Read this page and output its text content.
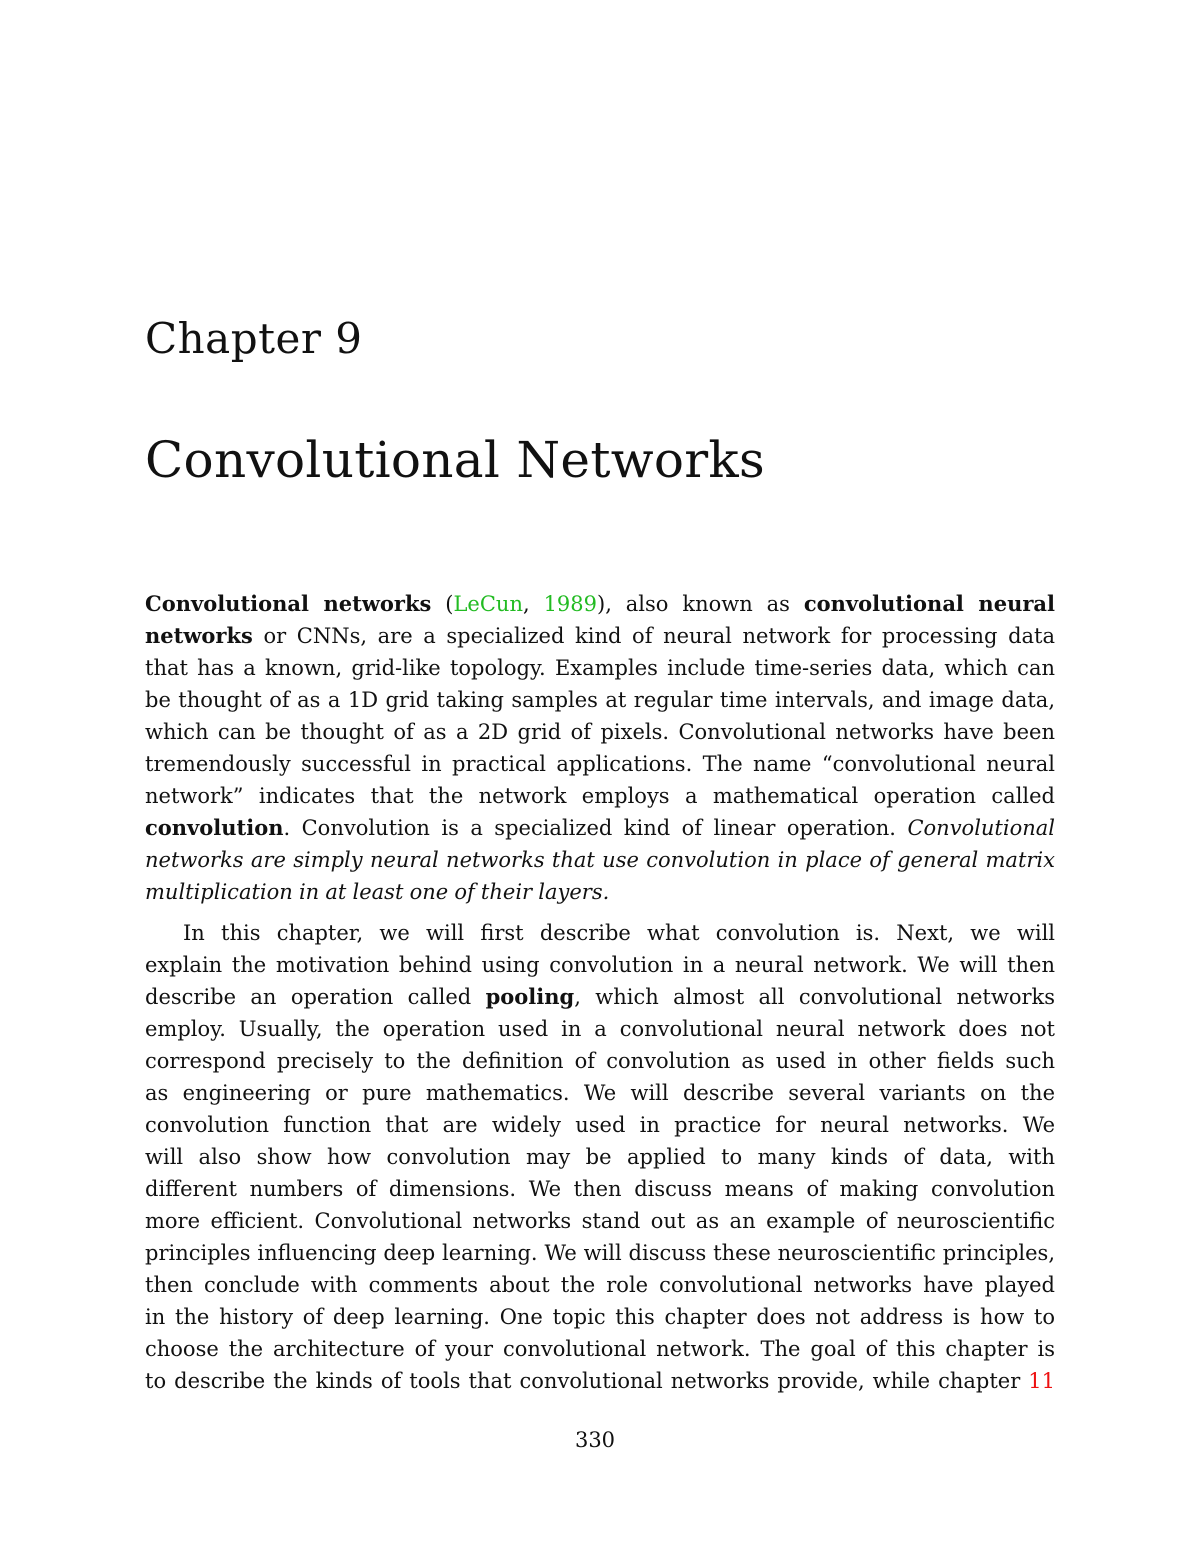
Chapter 9
Convolutional Networks
Convolutional networks (LeCun, 1989), also known as convolutional neural
networks or CNNs, are a specialized kind of neural network for processing data
that has a known, grid-like topology. Examples include time-series data, which can
be thought of as a 1D grid taking samples at regular time intervals, and image data,
which can be thought of as a 2D grid of pixels. Convolutional networks have been
tremendously successful in practical applications. The name “convolutional neural
network” indicates that the network employs a mathematical operation called
convolution. Convolution is a specialized kind of linear operation. Convolutional
networks are simply neural networks that use convolution in place of general matrix
multiplication in at least one of their layers.
In this chapter, we will first describe what convolution is. Next, we will
explain the motivation behind using convolution in a neural network. We will then
describe an operation called pooling, which almost all convolutional networks
employ. Usually, the operation used in a convolutional neural network does not
correspond precisely to the definition of convolution as used in other fields such
as engineering or pure mathematics. We will describe several variants on the
convolution function that are widely used in practice for neural networks. We
will also show how convolution may be applied to many kinds of data, with
different numbers of dimensions. We then discuss means of making convolution
more efficient. Convolutional networks stand out as an example of neuroscientific
principles influencing deep learning. We will discuss these neuroscientific principles,
then conclude with comments about the role convolutional networks have played
in the history of deep learning. One topic this chapter does not address is how to
choose the architecture of your convolutional network. The goal of this chapter is
to describe the kinds of tools that convolutional networks provide, while chapter 11
330
